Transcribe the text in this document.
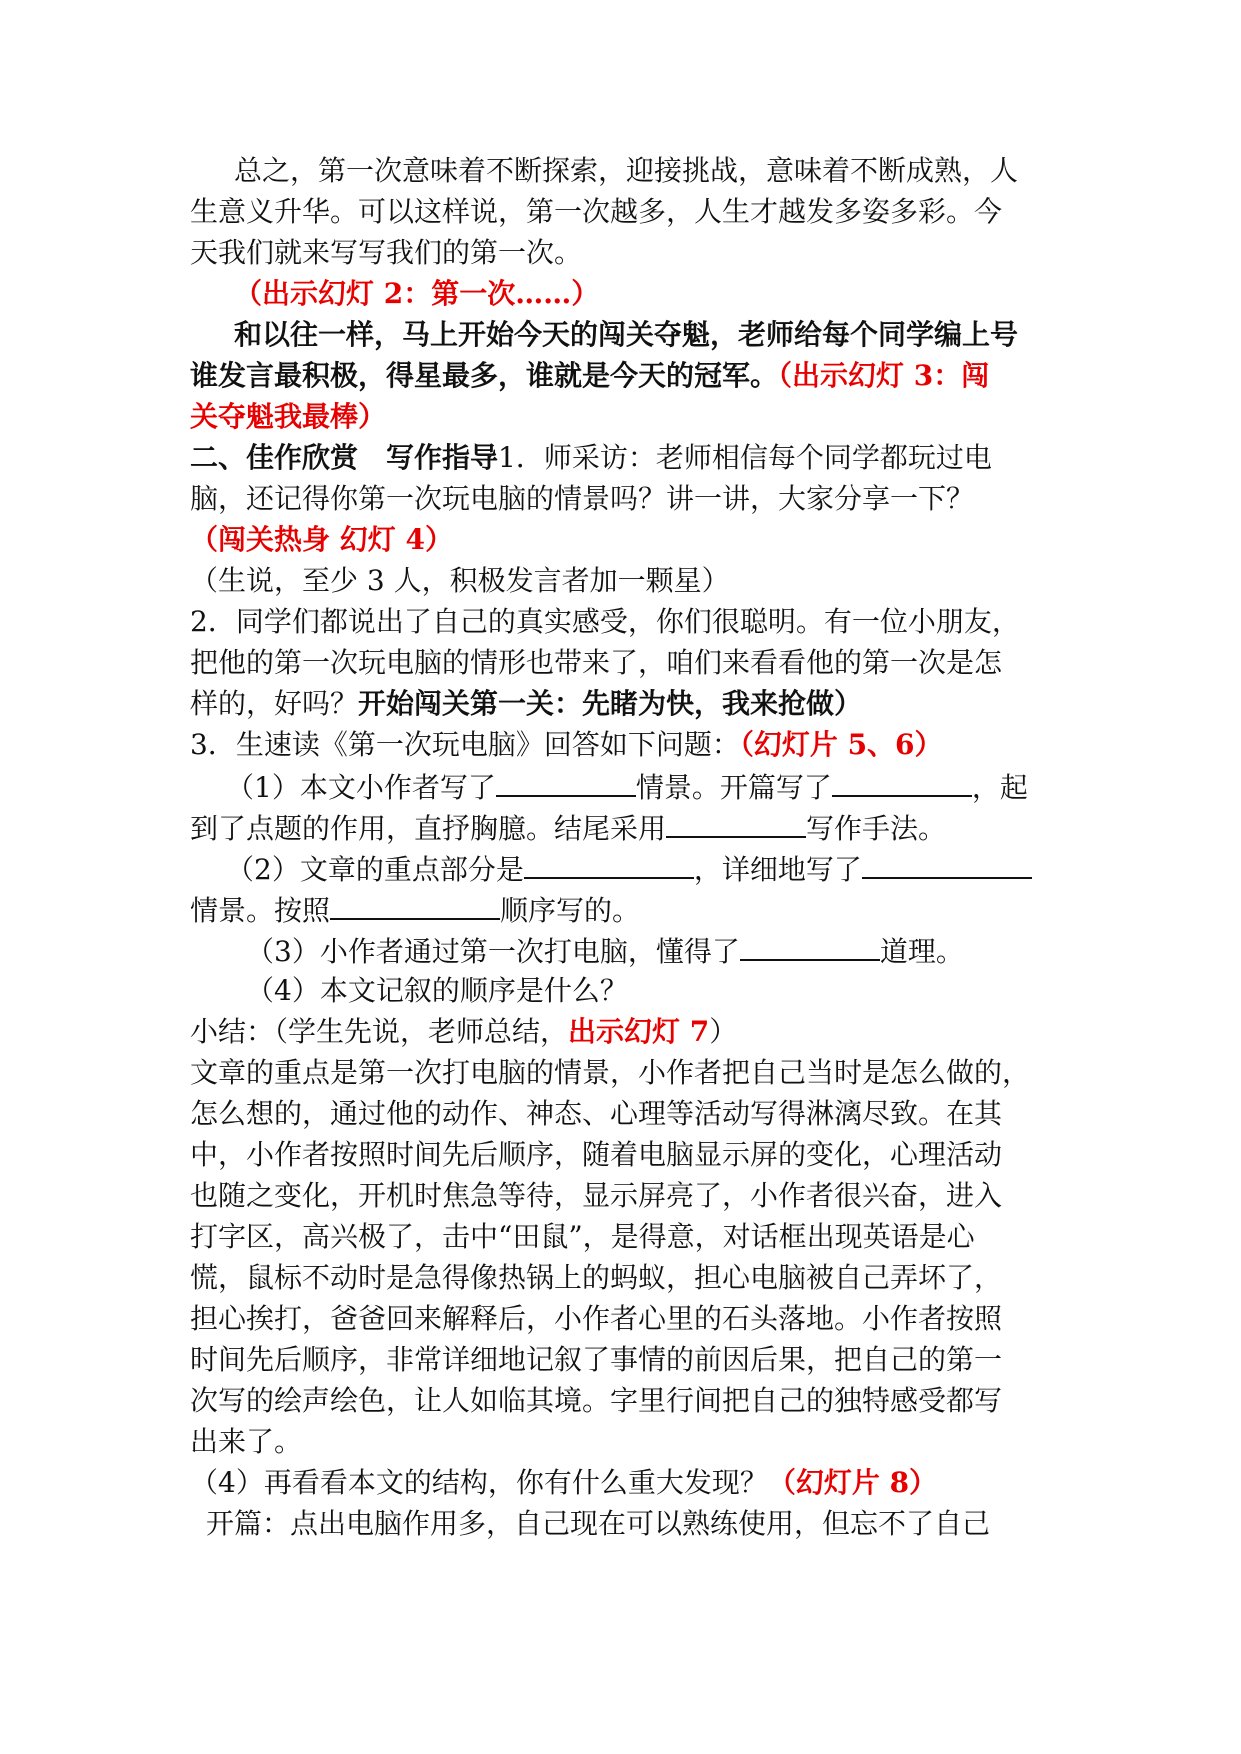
总之，第一次意味着不断探索，迎接挑战，意味着不断成熟，人
生意义升华。可以这样说，第一次越多，人生才越发多姿多彩。今
天我们就来写写我们的第一次。
（出示幻灯 2：第一次……）
和以往一样，马上开始今天的闯关夺魁，老师给每个同学编上号
谁发言最积极，得星最多，谁就是今天的冠军。（出示幻灯 3：闯
关夺魁我最棒）
二、佳作欣赏　写作指导1．师采访：老师相信每个同学都玩过电
脑，还记得你第一次玩电脑的情景吗？讲一讲，大家分享一下？
（闯关热身 幻灯 4）
（生说，至少 3 人，积极发言者加一颗星）
2．同学们都说出了自己的真实感受，你们很聪明。有一位小朋友，
把他的第一次玩电脑的情形也带来了，咱们来看看他的第一次是怎
样的，好吗？开始闯关第一关：先睹为快，我来抢做）
3．生速读《第一次玩电脑》回答如下问题：（幻灯片 5、6）
（1）本文小作者写了	情景。开篇写了	，起
到了点题的作用，直抒胸臆。结尾采用	写作手法。
（2）文章的重点部分是	，详细地写了
情景。按照	顺序写的。
（3）小作者通过第一次打电脑，懂得了	道理。
（4）本文记叙的顺序是什么？
小结：（学生先说，老师总结，出示幻灯 7）
文章的重点是第一次打电脑的情景，小作者把自己当时是怎么做的，
怎么想的，通过他的动作、神态、心理等活动写得淋漓尽致。在其
中，小作者按照时间先后顺序，随着电脑显示屏的变化，心理活动
也随之变化，开机时焦急等待，显示屏亮了，小作者很兴奋，进入
打字区，高兴极了，击中“田鼠”，是得意，对话框出现英语是心
慌，鼠标不动时是急得像热锅上的蚂蚁，担心电脑被自己弄坏了，
担心挨打，爸爸回来解释后，小作者心里的石头落地。小作者按照
时间先后顺序，非常详细地记叙了事情的前因后果，把自己的第一
次写的绘声绘色，让人如临其境。字里行间把自己的独特感受都写
出来了。
（4）再看看本文的结构，你有什么重大发现？（幻灯片 8）
开篇：点出电脑作用多，自己现在可以熟练使用，但忘不了自己
